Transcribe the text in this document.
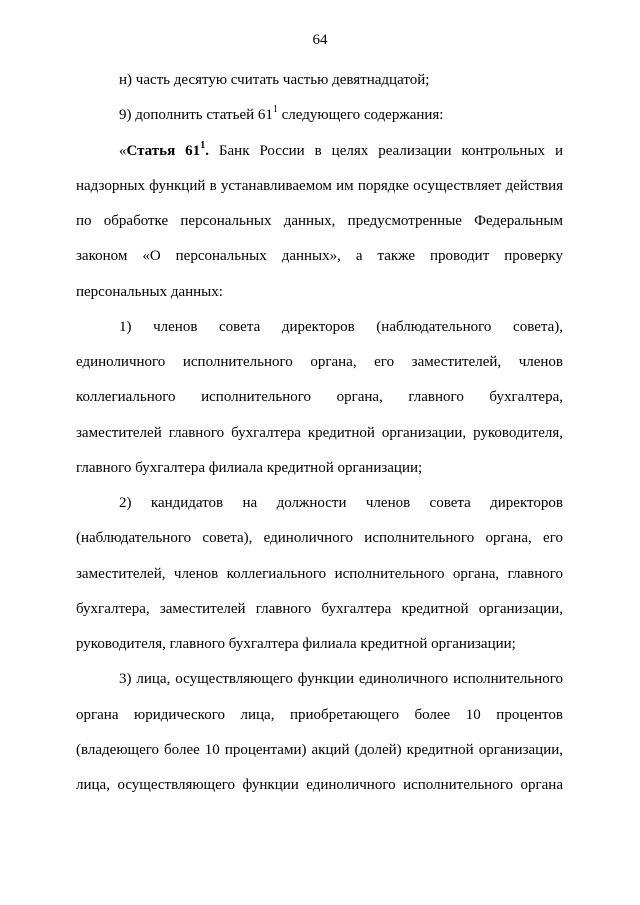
64
н) часть десятую считать частью девятнадцатой;
9) дополнить статьей $61^1$ следующего содержания:
«Статья $61^1$. Банк России в целях реализации контрольных и
надзорных функций в устанавливаемом им порядке осуществляет действия
по обработке персональных данных, предусмотренные Федеральным
законом «О персональных данных», а также проводит проверку
персональных данных:
1) членов совета директоров (наблюдательного совета),
единоличного исполнительного органа, его заместителей, членов
коллегиального исполнительного органа, главного бухгалтера,
заместителей главного бухгалтера кредитной организации, руководителя,
главного бухгалтера филиала кредитной организации;
2) кандидатов на должности членов совета директоров
(наблюдательного совета), единоличного исполнительного органа, его
заместителей, членов коллегиального исполнительного органа, главного
бухгалтера, заместителей главного бухгалтера кредитной организации,
руководителя, главного бухгалтера филиала кредитной организации;
3) лица, осуществляющего функции единоличного исполнительного
органа юридического лица, приобретающего более 10 процентов
(владеющего более 10 процентами) акций (долей) кредитной организации,
лица, осуществляющего функции единоличного исполнительного органа
